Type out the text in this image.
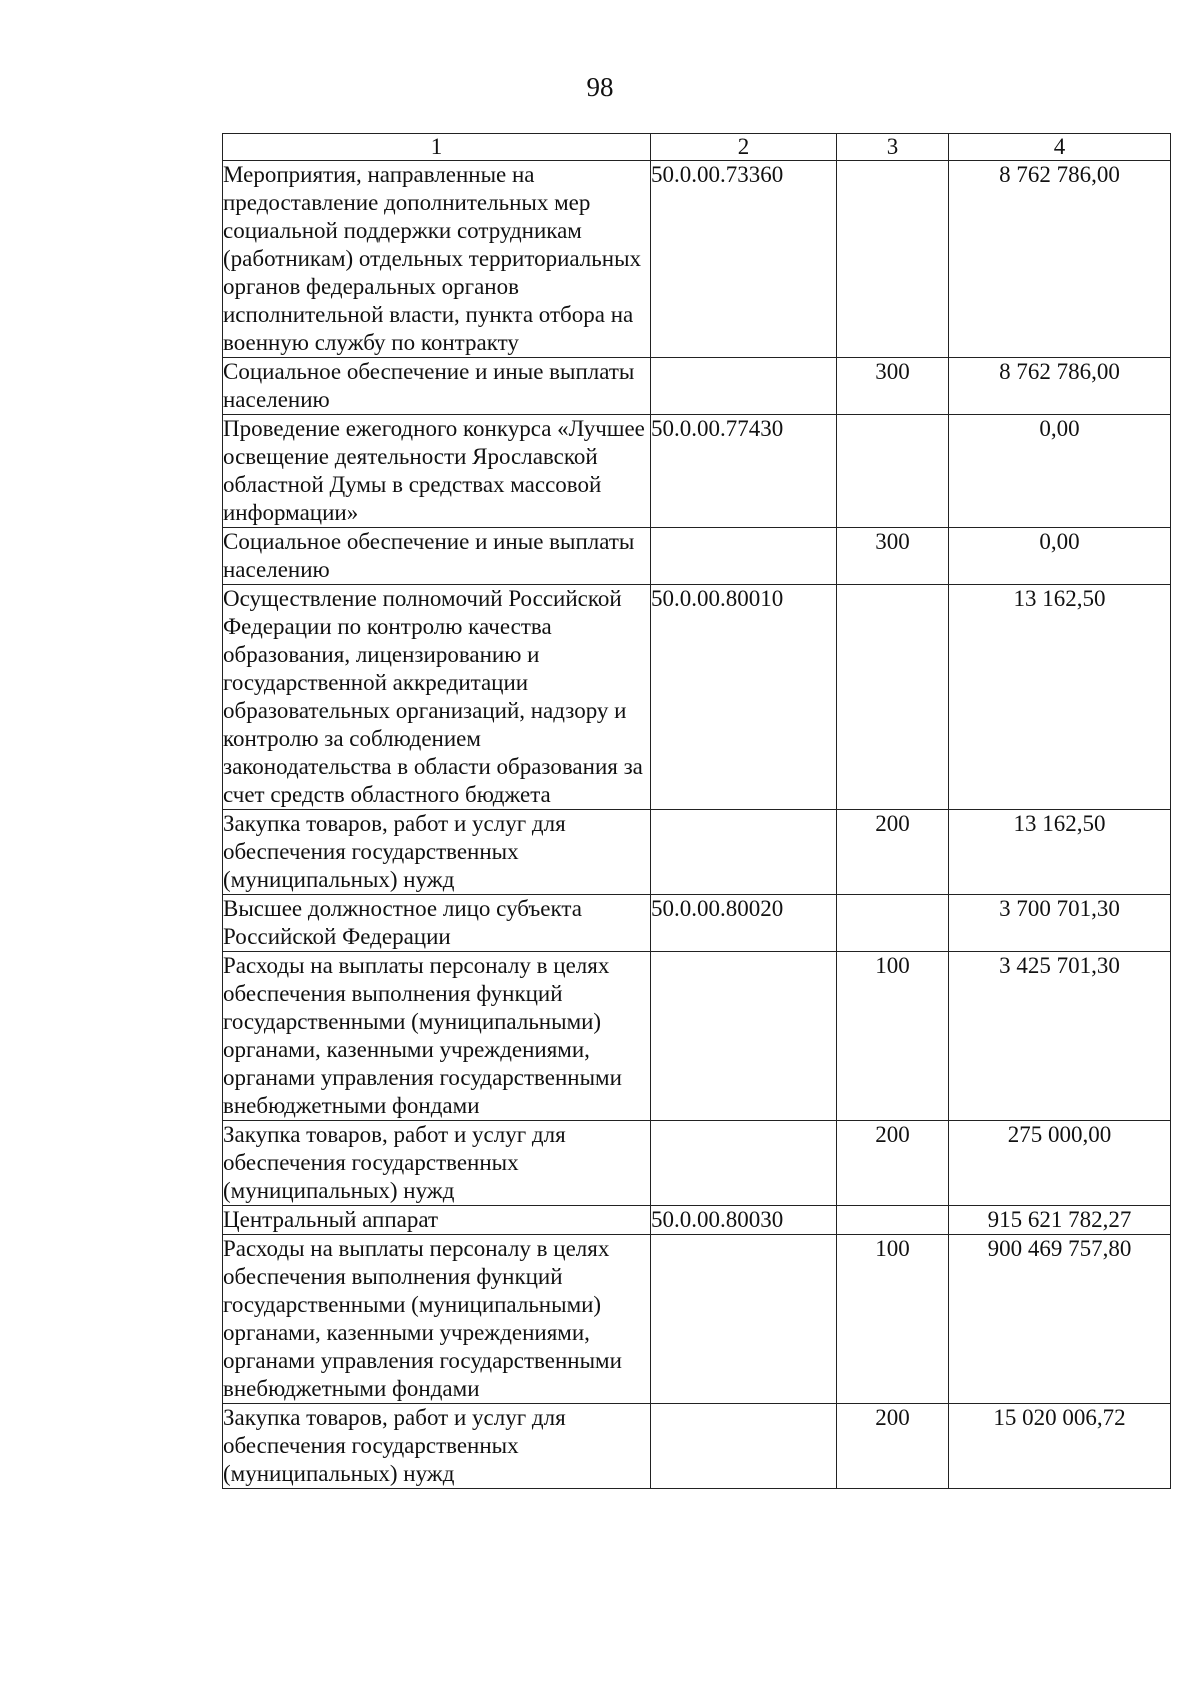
98
1	2	3	4
Мероприятия, направленные на предоставление дополнительных мер социальной поддержки сотрудникам (работникам) отдельных территориальных органов федеральных органов исполнительной власти, пункта отбора на военную службу по контракту	50.0.00.73360		8 762 786,00
Социальное обеспечение и иные выплаты населению		300	8 762 786,00
Проведение ежегодного конкурса «Лучшее освещение деятельности Ярославской областной Думы в средствах массовой информации»	50.0.00.77430		0,00
Социальное обеспечение и иные выплаты населению		300	0,00
Осуществление полномочий Российской Федерации по контролю качества образования, лицензированию и государственной аккредитации образовательных организаций, надзору и контролю за соблюдением законодательства в области образования за счет средств областного бюджета	50.0.00.80010		13 162,50
Закупка товаров, работ и услуг для обеспечения государственных (муниципальных) нужд		200	13 162,50
Высшее должностное лицо субъекта Российской Федерации	50.0.00.80020		3 700 701,30
Расходы на выплаты персоналу в целях обеспечения выполнения функций государственными (муниципальными) органами, казенными учреждениями, органами управления государственными внебюджетными фондами		100	3 425 701,30
Закупка товаров, работ и услуг для обеспечения государственных (муниципальных) нужд		200	275 000,00
Центральный аппарат	50.0.00.80030		915 621 782,27
Расходы на выплаты персоналу в целях обеспечения выполнения функций государственными (муниципальными) органами, казенными учреждениями, органами управления государственными внебюджетными фондами		100	900 469 757,80
Закупка товаров, работ и услуг для обеспечения государственных (муниципальных) нужд		200	15 020 006,72
